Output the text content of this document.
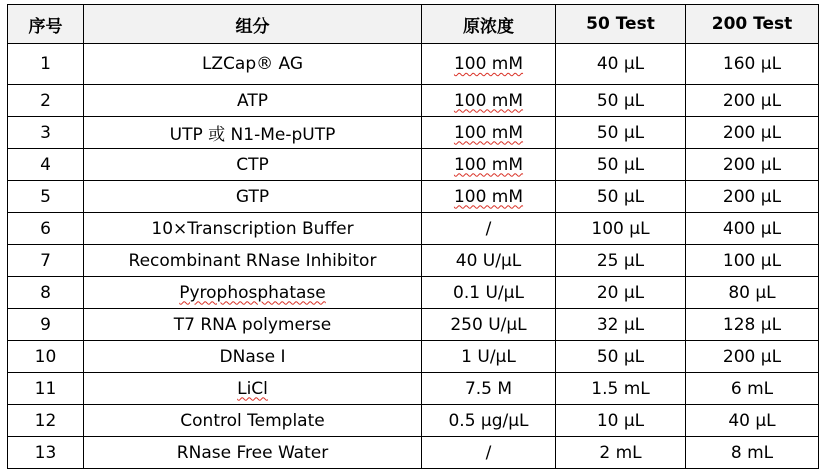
序号	组分	原浓度	50 Test	200 Test
1	LZCap® AG	100 mM	40 μL	160 μL
2	ATP	100 mM	50 μL	200 μL
3	UTP 或 N1-Me-pUTP	100 mM	50 μL	200 μL
4	CTP	100 mM	50 μL	200 μL
5	GTP	100 mM	50 μL	200 μL
6	10×Transcription Buffer	/	100 μL	400 μL
7	Recombinant RNase Inhibitor	40 U/μL	25 μL	100 μL
8	Pyrophosphatase	0.1 U/μL	20 μL	80 μL
9	T7 RNA polymerse	250 U/μL	32 μL	128 μL
10	DNase I	1 U/μL	50 μL	200 μL
11	LiCl	7.5 M	1.5 mL	6 mL
12	Control Template	0.5 μg/μL	10 μL	40 μL
13	RNase Free Water	/	2 mL	8 mL
